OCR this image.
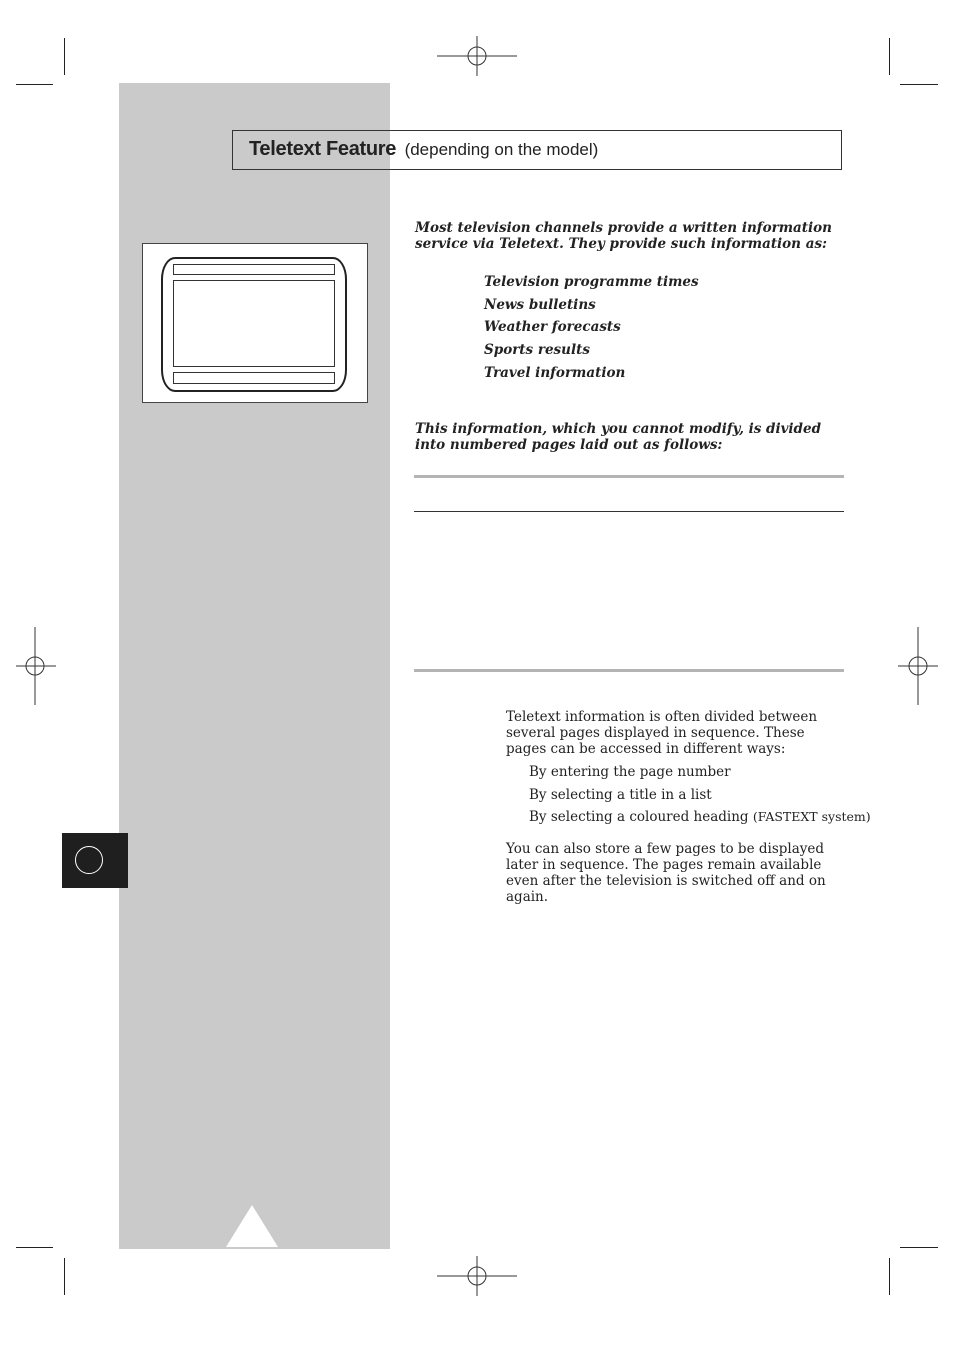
Teletext Feature (depending on the model)
Most television channels provide a written information service via Teletext. They provide such information as:
Television programme times
News bulletins
Weather forecasts
Sports results
Travel information
This information, which you cannot modify, is divided into numbered pages laid out as follows:
Teletext information is often divided between several pages displayed in sequence. These pages can be accessed in different ways:
By entering the page number
By selecting a title in a list
By selecting a coloured heading (FASTEXT system)
You can also store a few pages to be displayed later in sequence. The pages remain available even after the television is switched off and on again.
